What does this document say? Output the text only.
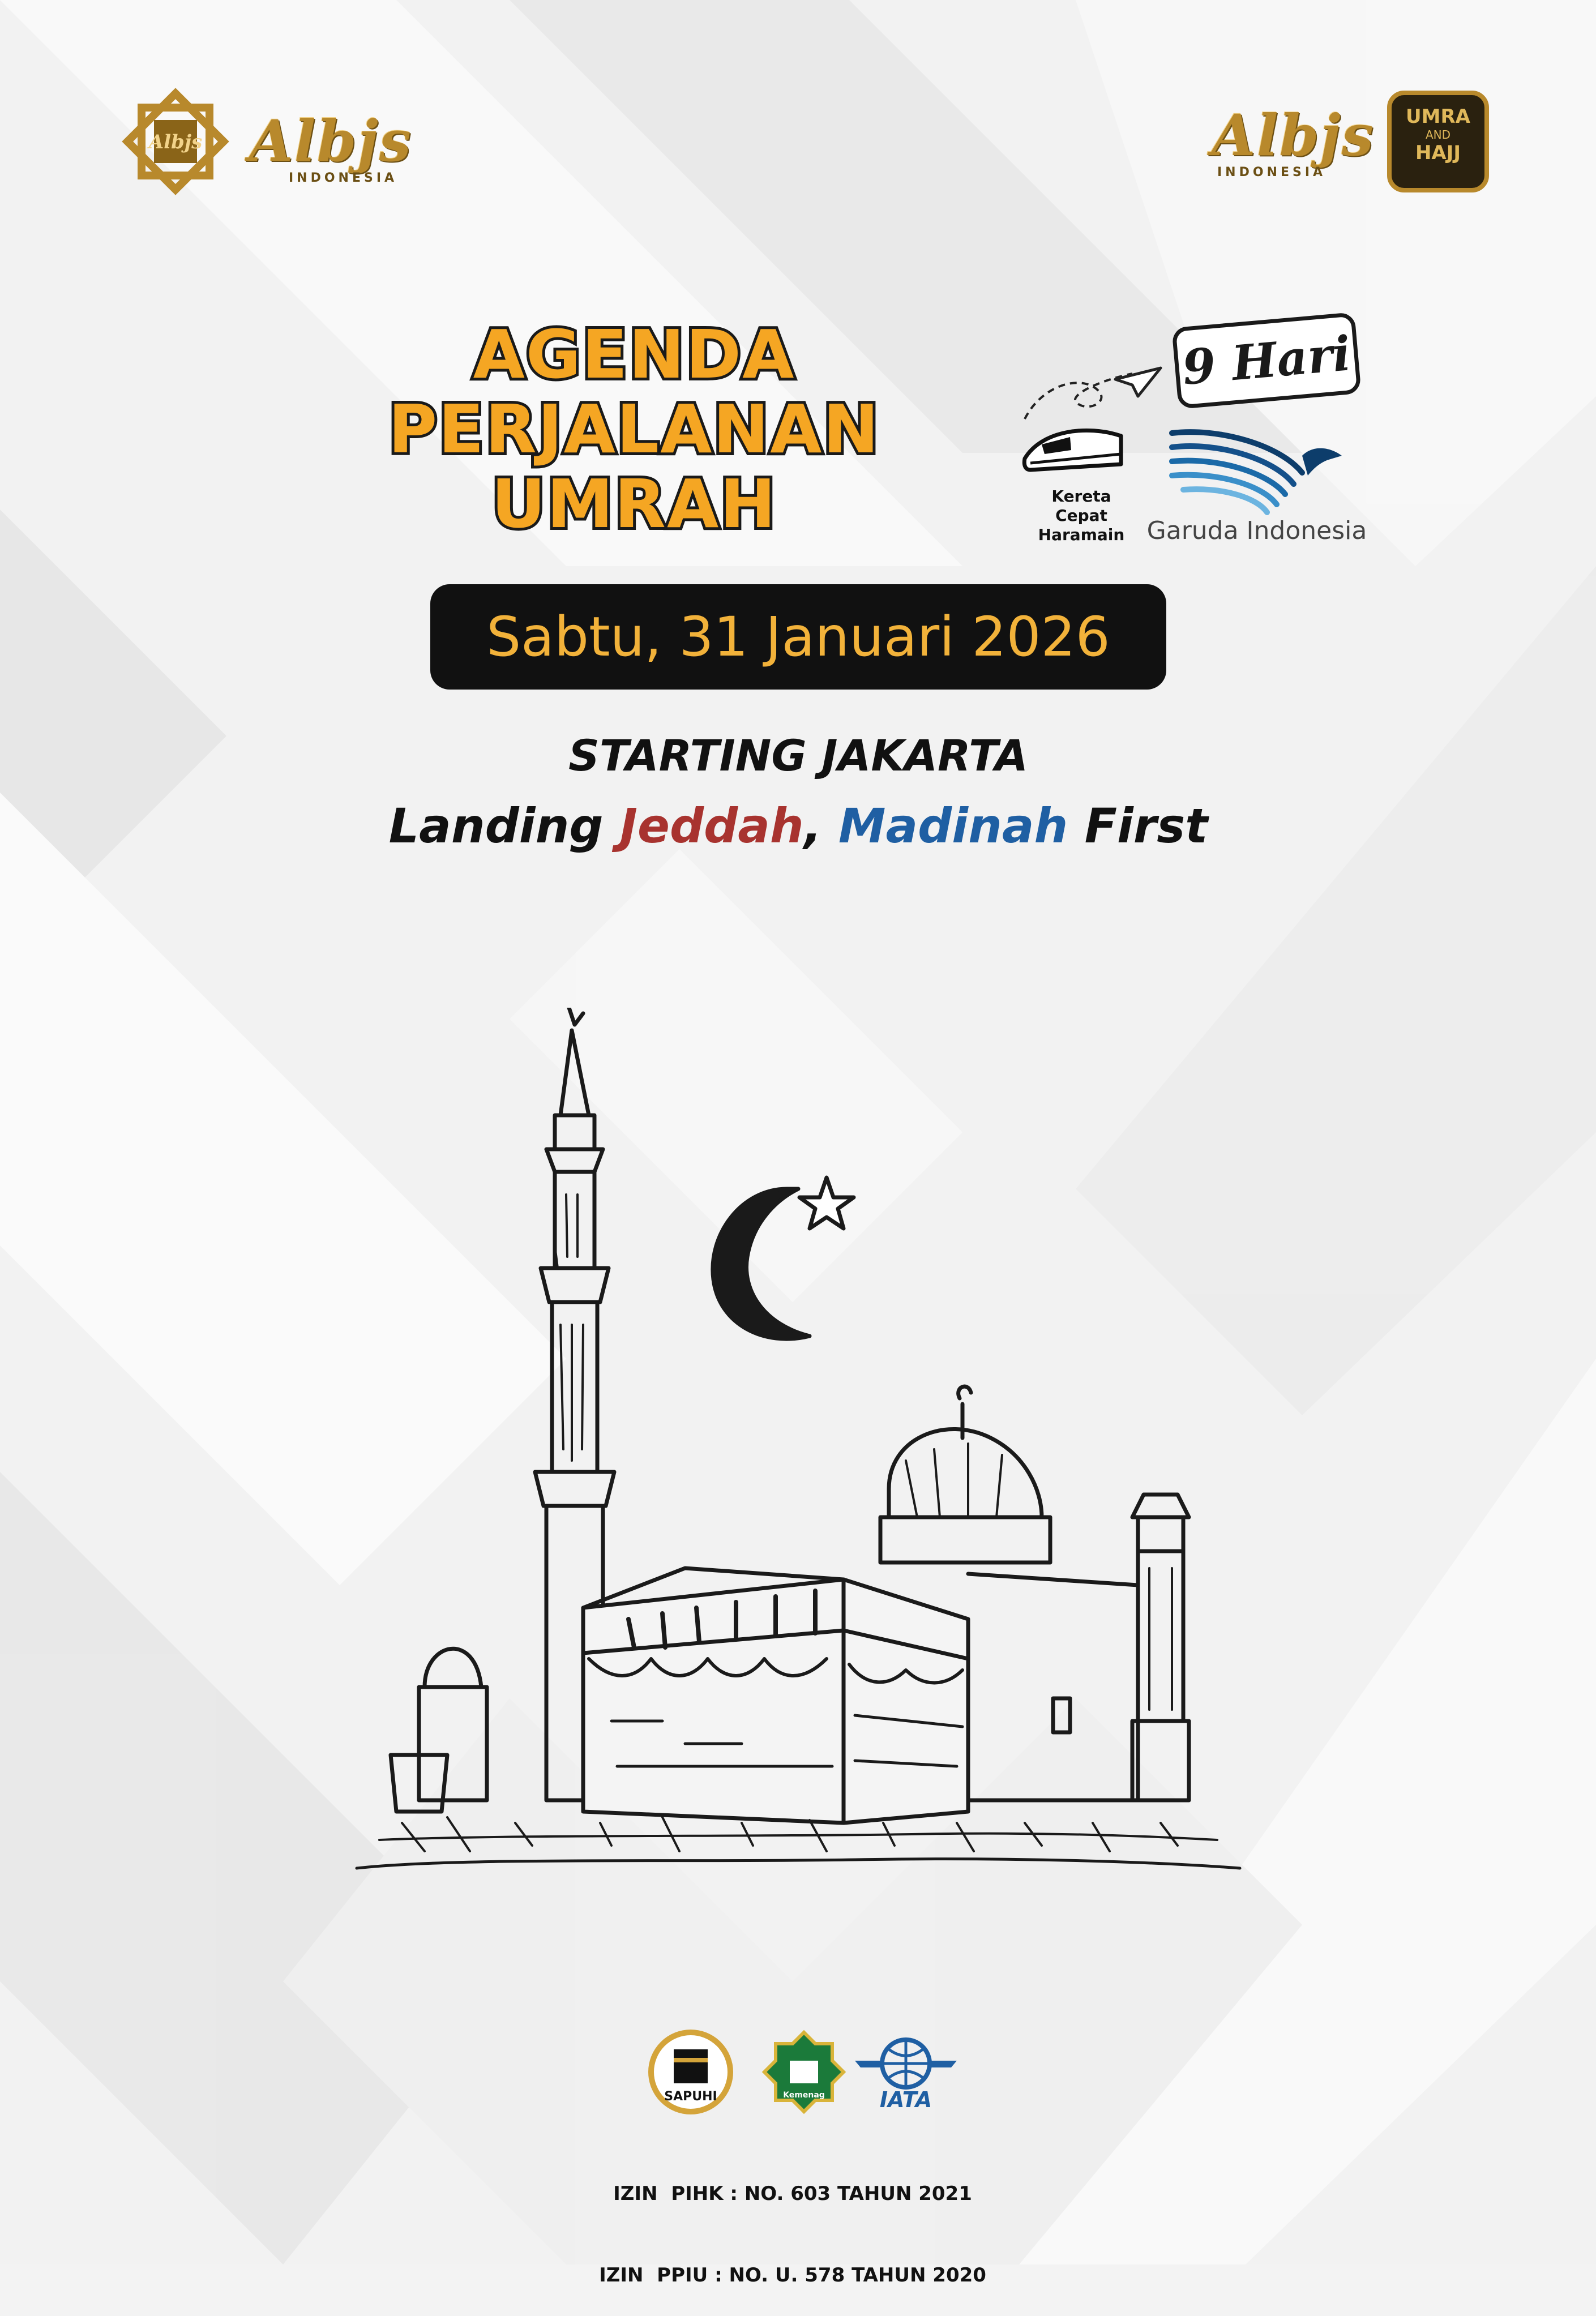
Albjs Albjs
INDONESIA
Albjs
INDONESIA
UMRA
AND
HAJJ
AGENDA PERJALANAN
UMRAH
9 Hari
Kereta Cepat Haramain Garuda Indonesia
Sabtu, 31 Januari 2026
STARTING JAKARTA
Landing Jeddah, Madinah First
SAPUHI	Kemenag	IATA

IZIN  PIHK : NO. 603 TAHUN 2021

IZIN  PPIU : NO. U. 578 TAHUN 2020
